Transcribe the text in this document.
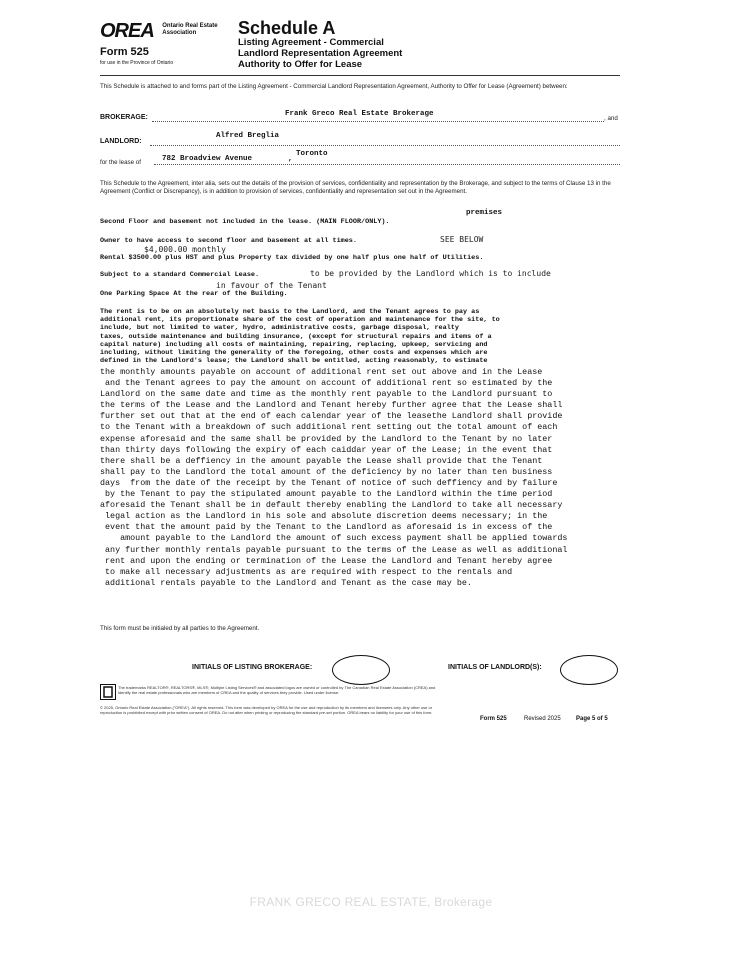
OREA Ontario Real Estate
Association
Form 525
for use in the Province of Ontario
Schedule A
Listing Agreement - Commercial
Landlord Representation Agreement
Authority to Offer for Lease
This Schedule is attached to and forms part of the Listing Agreement - Commercial Landlord Representation Agreement, Authority to Offer for Lease (Agreement) between:
BROKERAGE:	Frank Greco Real Estate Brokerage
, and
LANDLORD:
Alfred Breglia
for the lease of	782 Broadview Avenue	,
Toronto
This Schedule to the Agreement, inter alia, sets out the details of the provision of services, confidentiality and representation by the Brokerage, and subject to the terms of Clause 13 in the Agreement (Conflict or Discrepancy), is in addition to provision of services, confidentiality and representation set out in the Agreement.
premises
Second Floor and basement not included in the lease. (MAIN FLOOR/ONLY).
Owner to have access to second floor and basement at all times.	SEE BELOW
$4,000.00 monthly
Rental $3500.00 plus HST and plus Property tax divided by one half plus one half of Utilities.
Subject to a standard Commercial Lease.	to be provided by the Landlord which is to include
in favour of the Tenant
One Parking Space At the rear of the Building.
The rent is to be on an absolutely net basis to the Landlord, and the Tenant agrees to pay as
additional rent, its proportionate share of the cost of operation and maintenance for the site, to
include, but not limited to water, hydro, administrative costs, garbage disposal, realty
taxes, outside maintenance and building insurance, (except for structural repairs and items of a
capital nature) including all costs of maintaining, repairing, replacing, upkeep, servicing and
including, without limiting the generality of the foregoing, other costs and expenses which are
defined in the Landlord's lease; the Landlord shall be entitled, acting reasonably, to estimate
the monthly amounts payable on account of additional rent set out above and in the Lease
and the Tenant agrees to pay the amount on account of additional rent so estimated by the
Landlord on the same date and time as the monthly rent payable to the Landlord pursuant to
the terms of the Lease and the Landlord and Tenant hereby further agree that the Lease shall
further set out that at the end of each calendar year of the leasethe Landlord shall provide
to the Tenant with a breakdown of such additional rent setting out the total amount of each
expense aforesaid and the same shall be provided by the Landlord to the Tenant by no later
than thirty days following the expiry of each caiddar year of the Lease; in the event that
there shall be a deffiency in the amount payable the Lease shall provide that the Tenant
shall pay to the Landlord the total amount of the deficiency by no later than ten business
days  from the date of the receipt by the Tenant of notice of such deffiency and by failure
by the Tenant to pay the stipulated amount payable to the Landlord within the time period
aforesaid the Tenant shall be in default thereby enabling the Landlord to take all necessary
legal action as the Landlord in his sole and absolute discretion deems necessary; in the
event that the amount paid by the Tenant to the Landlord as aforesaid is in excess of the
amount payable to the Landlord the amount of such excess payment shall be applied towards
any further monthly rentals payable pursuant to the terms of the Lease as well as additional
rent and upon the ending or termination of the Lease the Landlord and Tenant hereby agree
to make all necessary adjustments as are required with respect to the rentals and
additional rentals payable to the Landlord and Tenant as the case may be.
This form must be initialed by all parties to the Agreement.
INITIALS OF LISTING BROKERAGE:	INITIALS OF LANDLORD(S):
The trademarks REALTOR®, REALTORS®, MLS®, Multiple Listing Services® and associated logos are owned or controlled by The Canadian Real Estate Association (CREA) and identify the real estate professionals who are members of CREA and the quality of services they provide. Used under license.
© 2025, Ontario Real Estate Association ("OREA"). All rights reserved. This form was developed by OREA for the use and reproduction by its members and licensees only. Any other use or reproduction is prohibited except with prior written consent of OREA. Do not alter when printing or reproducing the standard pre-set portion. OREA bears no liability for your use of this form.
Form 525	Revised 2025	Page 5 of 5
FRANK GRECO REAL ESTATE, Brokerage
